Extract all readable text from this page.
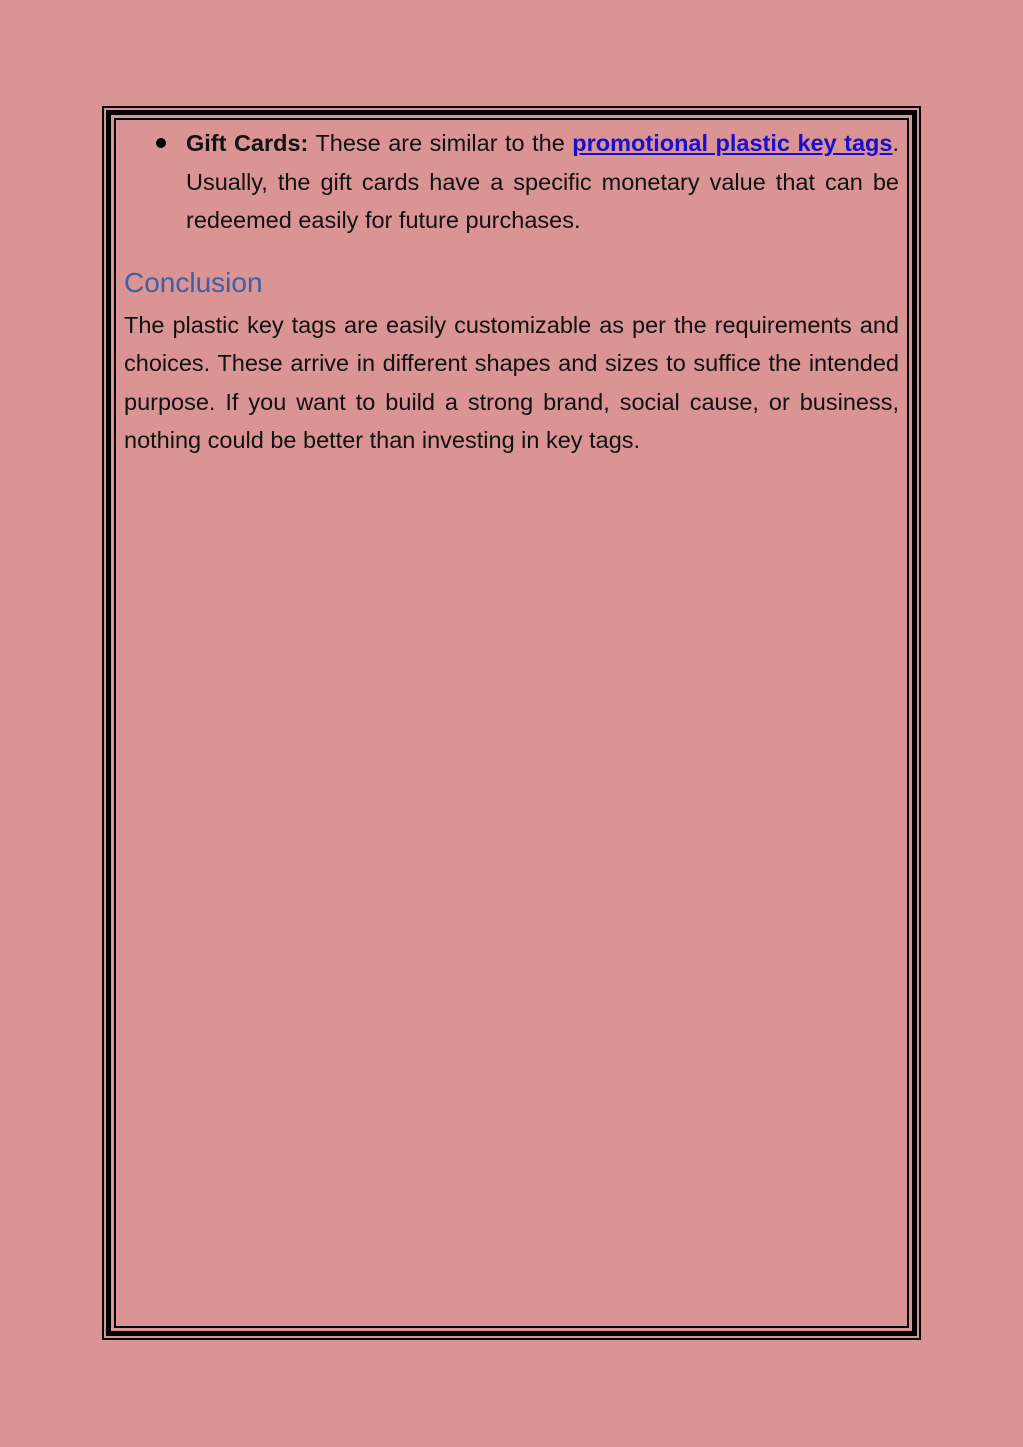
Gift Cards: These are similar to the promotional plastic key tags. Usually, the gift cards have a specific monetary value that can be redeemed easily for future purchases.
Conclusion
The plastic key tags are easily customizable as per the requirements and choices. These arrive in different shapes and sizes to suffice the intended purpose. If you want to build a strong brand, social cause, or business, nothing could be better than investing in key tags.
